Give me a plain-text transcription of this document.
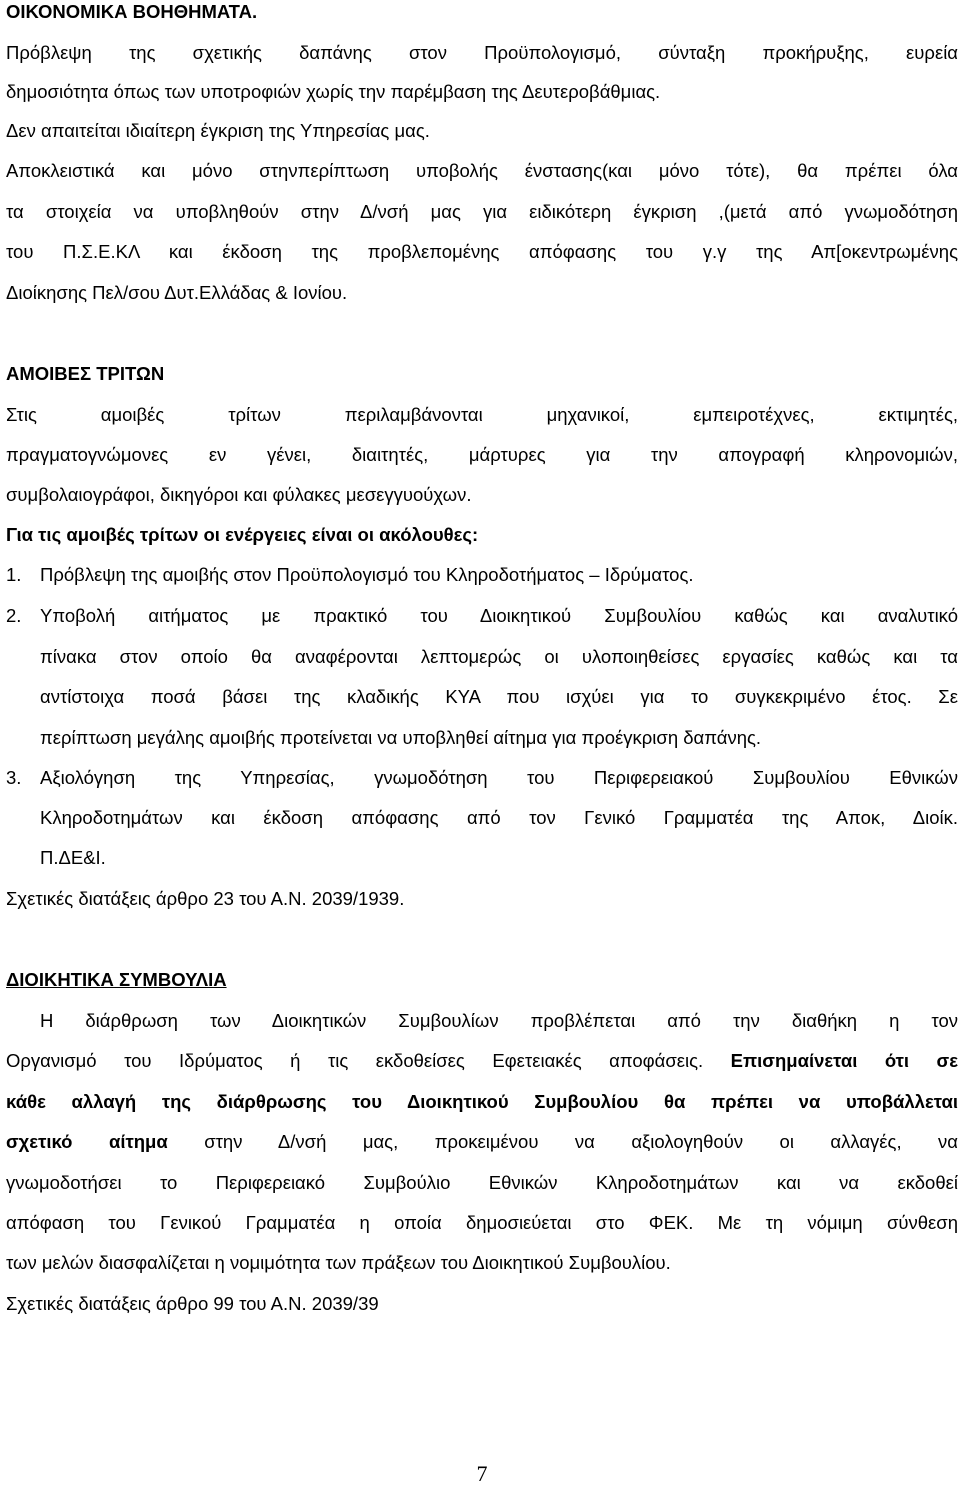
ΟΙΚΟΝΟΜΙΚΑ ΒΟΗΘΗΜΑΤΑ.
Πρόβλεψη της σχετικής δαπάνης στον Προϋπολογισμό, σύνταξη προκήρυξης, ευρεία
δημοσιότητα όπως των υποτροφιών χωρίς την παρέμβαση της Δευτεροβάθμιας.
Δεν απαιτείται ιδιαίτερη έγκριση της Υπηρεσίας μας.
Αποκλειστικά και μόνο στηνπερίπτωση υποβολής ένστασης(και μόνο τότε), θα πρέπει όλα
τα στοιχεία να υποβληθούν στην Δ/νσή μας για ειδικότερη έγκριση ,(μετά από γνωμοδότηση
του Π.Σ.Ε.ΚΛ και έκδοση της προβλεπομένης απόφασης του γ.γ της Απ[οκεντρωμένης
Διοίκησης Πελ/σου Δυτ.Ελλάδας & Ιονίου.
ΑΜΟΙΒΕΣ ΤΡΙΤΩΝ
Στις αμοιβές τρίτων περιλαμβάνονται μηχανικοί, εμπειροτέχνες, εκτιμητές,
πραγματογνώμονες εν γένει, διαιτητές, μάρτυρες για την απογραφή κληρονομιών,
συμβολαιογράφοι, δικηγόροι και φύλακες μεσεγγυούχων.
Για τις αμοιβές τρίτων οι ενέργειες είναι οι ακόλουθες:
1. Πρόβλεψη της αμοιβής στον Προϋπολογισμό του Κληροδοτήματος – Ιδρύματος.
2. Υποβολή αιτήματος με πρακτικό του Διοικητικού Συμβουλίου καθώς και αναλυτικό
πίνακα στον οποίο θα αναφέρονται λεπτομερώς οι υλοποιηθείσες εργασίες καθώς και τα
αντίστοιχα ποσά βάσει της κλαδικής ΚΥΑ που ισχύει για το συγκεκριμένο έτος. Σε
περίπτωση μεγάλης αμοιβής προτείνεται να υποβληθεί αίτημα για προέγκριση δαπάνης.
3. Αξιολόγηση της Υπηρεσίας, γνωμοδότηση του Περιφερειακού Συμβουλίου Εθνικών
Κληροδοτημάτων και έκδοση απόφασης από τον Γενικό Γραμματέα της Αποκ, Διοίκ.
Π.ΔΕ&Ι.
Σχετικές διατάξεις άρθρο 23 του Α.Ν. 2039/1939.
ΔΙΟΙΚΗΤΙΚΑ ΣΥΜΒΟΥΛΙΑ
Η διάρθρωση των Διοικητικών Συμβουλίων προβλέπεται από την διαθήκη η τον
Οργανισμό του Ιδρύματος ή τις εκδοθείσες Εφετειακές αποφάσεις. Επισημαίνεται ότι σε
κάθε αλλαγή της διάρθρωσης του Διοικητικού Συμβουλίου θα πρέπει να υποβάλλεται
σχετικό αίτημα στην Δ/νσή μας, προκειμένου να αξιολογηθούν οι αλλαγές, να
γνωμοδοτήσει το Περιφερειακό Συμβούλιο Εθνικών Κληροδοτημάτων και να εκδοθεί
απόφαση του Γενικού Γραμματέα η οποία δημοσιεύεται στο ΦΕΚ. Με τη νόμιμη σύνθεση
των μελών διασφαλίζεται η νομιμότητα των πράξεων του Διοικητικού Συμβουλίου.
Σχετικές διατάξεις άρθρο 99 του Α.Ν. 2039/39
7
